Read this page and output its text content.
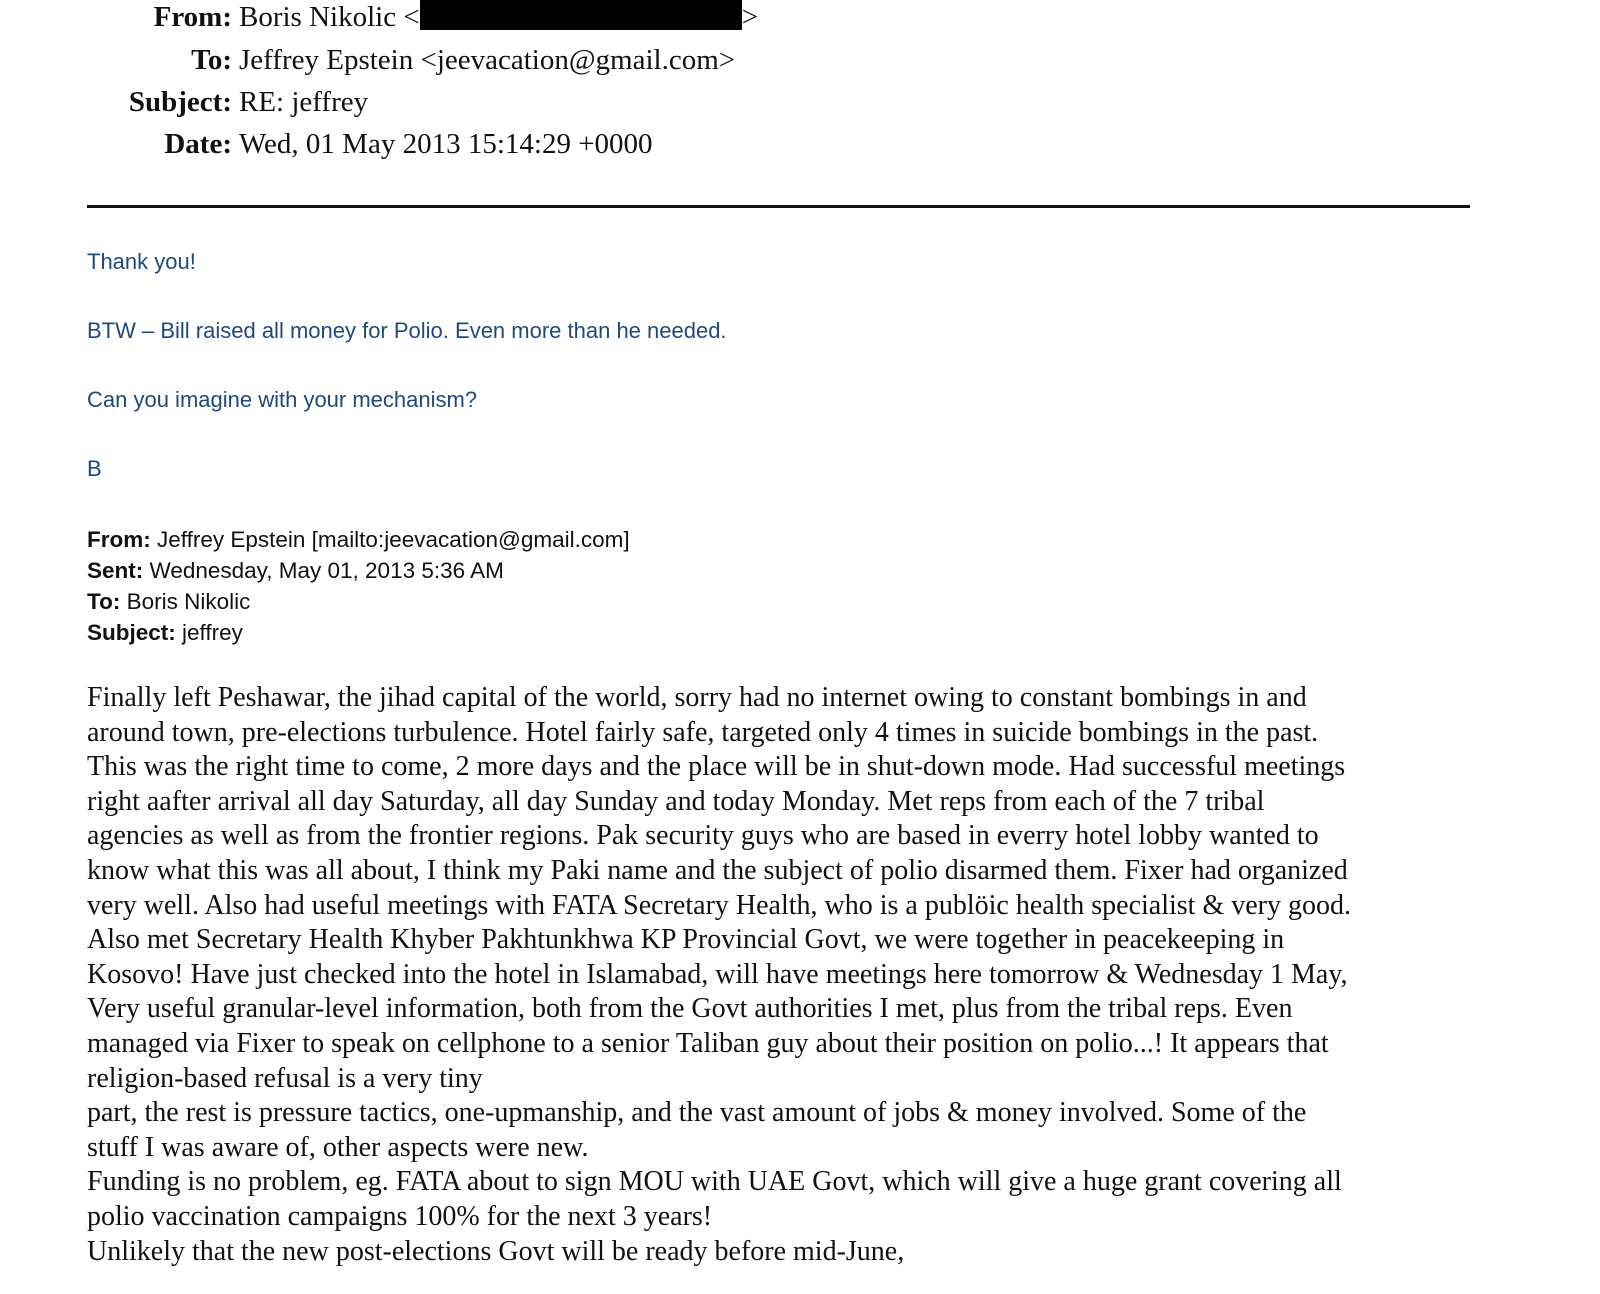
From: Boris Nikolic <	>
To: Jeffrey Epstein <jeevacation@gmail.com>
Subject: RE: jeffrey
Date: Wed, 01 May 2013 15:14:29 +0000
Thank you!
BTW – Bill raised all money for Polio. Even more than he needed.
Can you imagine with your mechanism?
B
From: Jeffrey Epstein [mailto:jeevacation@gmail.com]
Sent: Wednesday, May 01, 2013 5:36 AM
To: Boris Nikolic
Subject: jeffrey
Finally left Peshawar, the jihad capital of the world, sorry had no internet owing to constant bombings in and
around town, pre-elections turbulence. Hotel fairly safe, targeted only 4 times in suicide bombings in the past.
This was the right time to come, 2 more days and the place will be in shut-down mode. Had successful meetings
right aafter arrival all day Saturday, all day Sunday and today Monday. Met reps from each of the 7 tribal
agencies as well as from the frontier regions. Pak security guys who are based in everry hotel lobby wanted to
know what this was all about, I think my Paki name and the subject of polio disarmed them. Fixer had organized
very well. Also had useful meetings with FATA Secretary Health, who is a publöic health specialist & very good.
Also met Secretary Health Khyber Pakhtunkhwa KP Provincial Govt, we were together in peacekeeping in
Kosovo! Have just checked into the hotel in Islamabad, will have meetings here tomorrow & Wednesday 1 May,
Very useful granular-level information, both from the Govt authorities I met, plus from the tribal reps. Even
managed via Fixer to speak on cellphone to a senior Taliban guy about their position on polio...! It appears that
religion-based refusal is a very tiny
part, the rest is pressure tactics, one-upmanship, and the vast amount of jobs & money involved. Some of the
stuff I was aware of, other aspects were new.
Funding is no problem, eg. FATA about to sign MOU with UAE Govt, which will give a huge grant covering all
polio vaccination campaigns 100% for the next 3 years!
Unlikely that the new post-elections Govt will be ready before mid-June,
